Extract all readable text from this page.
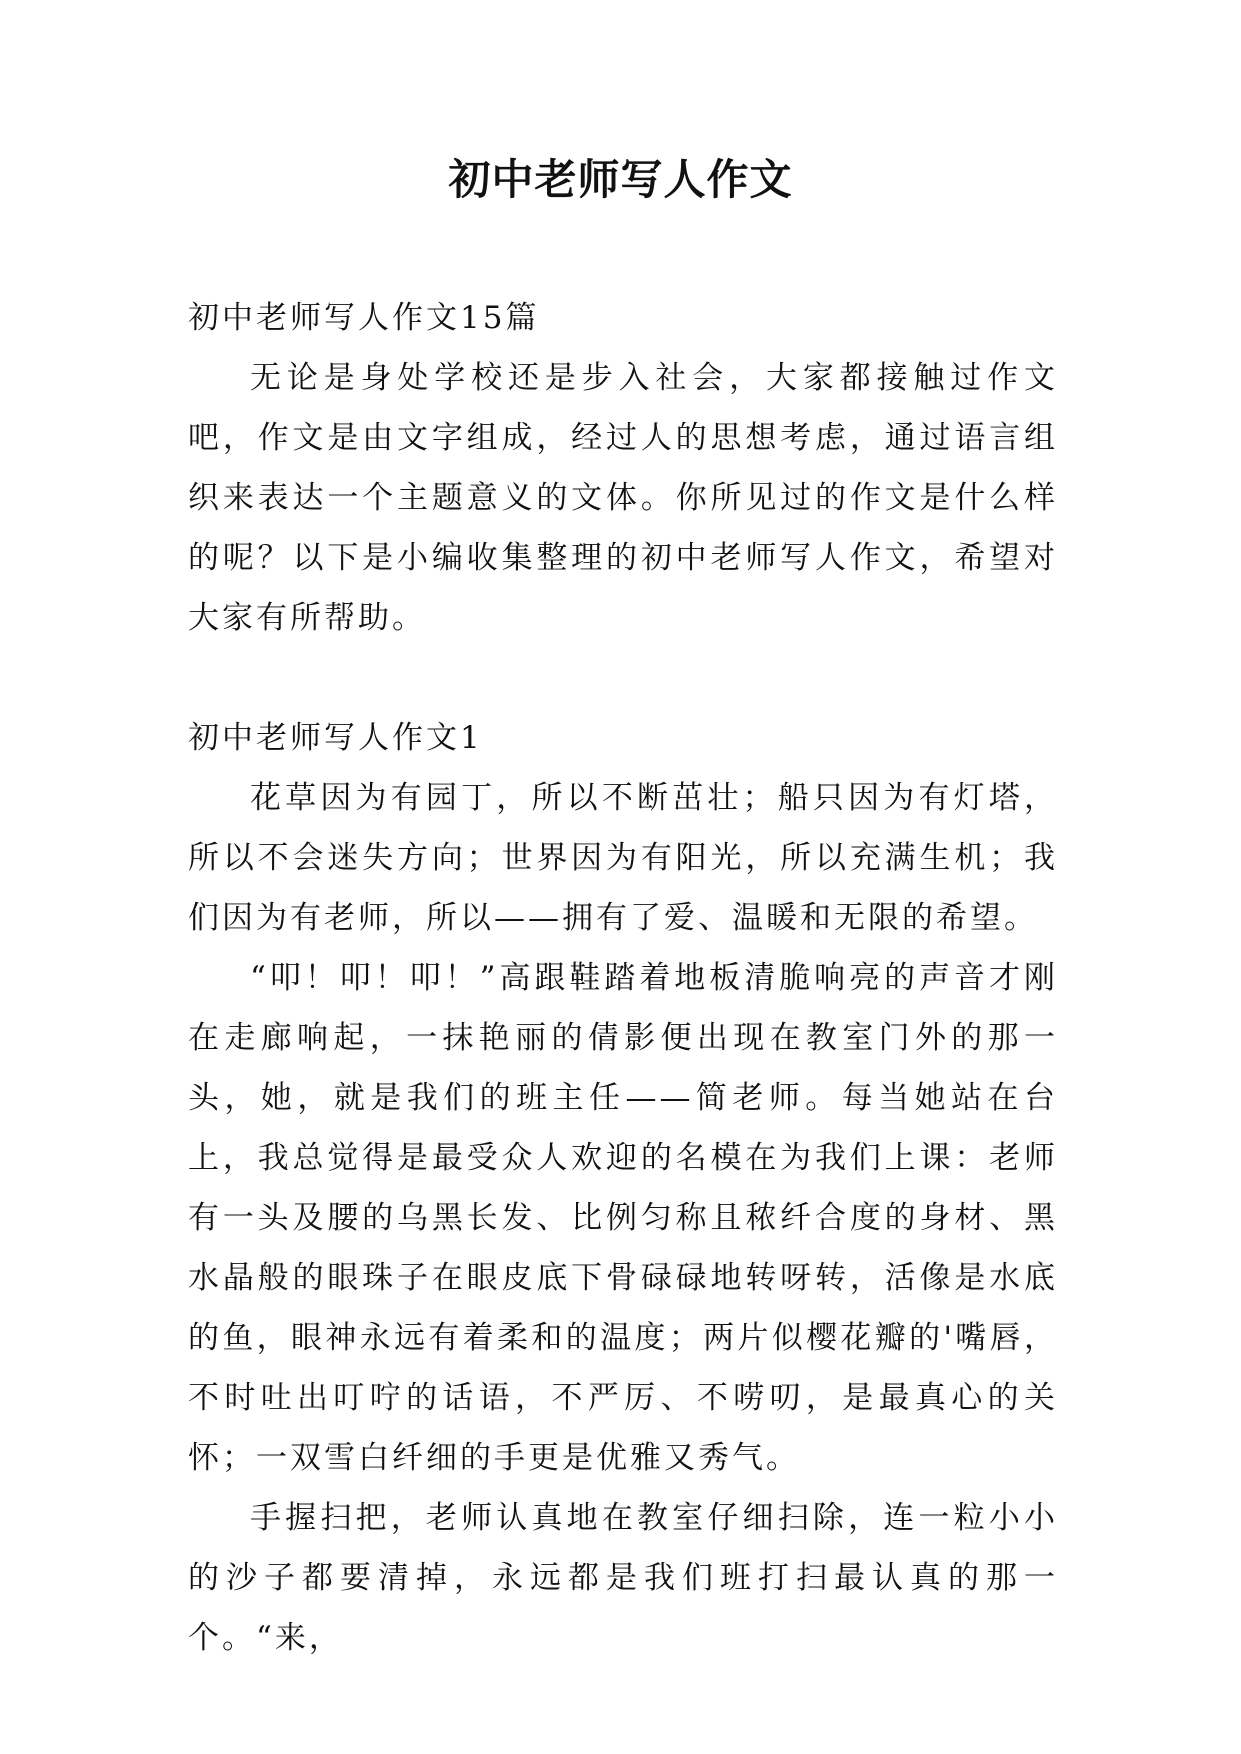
初中老师写人作文

初中老师写人作文15篇

无论是身处学校还是步入社会，大家都接触过作文吧，作文是由文字组成，经过人的思想考虑，通过语言组织来表达一个主题意义的文体。你所见过的作文是什么样的呢？以下是小编收集整理的初中老师写人作文，希望对大家有所帮助。

初中老师写人作文1

花草因为有园丁，所以不断茁壮；船只因为有灯塔，所以不会迷失方向；世界因为有阳光，所以充满生机；我们因为有老师，所以——拥有了爱、温暖和无限的希望。

“叩！叩！叩！”高跟鞋踏着地板清脆响亮的声音才刚在走廊响起，一抹艳丽的倩影便出现在教室门外的那一头，她，就是我们的班主任——简老师。每当她站在台上，我总觉得是最受众人欢迎的名模在为我们上课：老师有一头及腰的乌黑长发、比例匀称且秾纤合度的身材、黑水晶般的眼珠子在眼皮底下骨碌碌地转呀转，活像是水底的鱼，眼神永远有着柔和的温度；两片似樱花瓣的'嘴唇，不时吐出叮咛的话语，不严厉、不唠叨，是最真心的关怀；一双雪白纤细的手更是优雅又秀气。

手握扫把，老师认真地在教室仔细扫除，连一粒小小的沙子都要清掉，永远都是我们班打扫最认真的那一个。“来，
